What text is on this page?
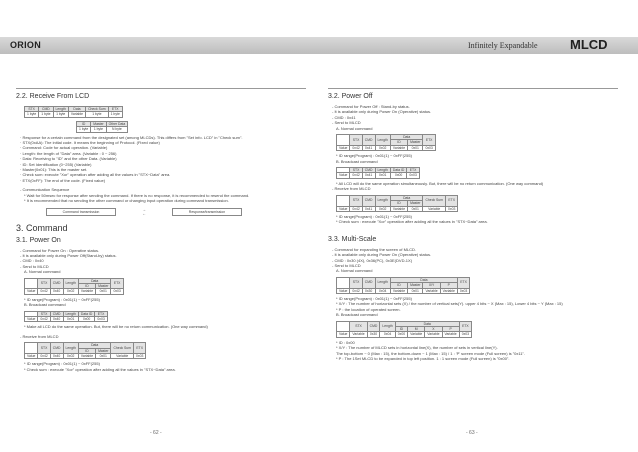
ORION	Infinitely Expandable MLCD
2.2. Receive From LCD
STX	CMD	Length	Data	Check Sum	ETX
1 byte	1 byte	1 byte	Variable	1 byte	1 byte
ID	Master	Other Data
1 byte	1 byte	N byte
· Response for a certain command from the designated set (among MLCDs). This differs from "Set info. LCD" in "Check sum".
· STX(0xAA): The initial code. It means the beginning of Protocol. (Fixed value)
· Command: Code for actual operation. (Variable)
· Length: the length of "Data" area. (Variable : 0 ~ 256)
· Data: Receiving to "ID" and the other Data. (Variable)
· ID: Set Identification (0~255) (Variable)
· Master(0x01): This is the master set.
· Check sum: execute "Xor" operation after adding all the values in "STX~Data" area.
· ETX(0xFF): The end of the code. (Fixed value)
- Communication Sequence
* Wait for 50msec for response after sending the command. If there is no response, it is recommended to resend the command.
* It is recommended that no sending the other command or changing input operation during command transmission.
Command transmission	→
←	Response/transmission
3. Command
3.1. Power On
- Command for Power On : Operative status.
- It is available only during Power Off(Stand-by) status.
- CMD : 0x40
- Send to MLCD
A. Normal command
	STX	CMD	Length	Data		ETX
				ID	Master	
Value	0x42	0x40	0x02	Variable	0x01	0x03
* ID range(Program) : 0x01(1) ~ 0xFF(255)
B. Broadcast command
	STX	CMD	Length	Data ID	ETX
Value	0x42	0x40	0x01	0x00	0x03
* Make all LCD do the same operation. But, there will be no return communication. (One way command)
- Receive from MLCD
	STX	CMD	Length	Data		Check Sum	ETX
				ID	Master		
Value	0x42	0x40	0x02	Variable	0x01	Variable	0x03
* ID range(Program) : 0x01(1) ~ 0xFF(255)
* Check sum : execute "Xor" operation after adding all the values in "STX~Data" area.
- 62 -
3.2. Power Off
- Command for Power Off : Stand-by status.
- It is available only during Power On (Operative) status.
- CMD : 0x41
- Send to MLCD
A. Normal command
	STX	CMD	Length	Data		ETX
				ID	Master	
Value	0x42	0x41	0x02	Variable	0x01	0x03
* ID range(Program) : 0x01(1) ~ 0xFF(255)
B. Broadcast command
	STX	CMD	Length	Data ID	ETX
Value	0x42	0x41	0x01	0x00	0x03
* All LCD will do the same operation simultaneously. But, there will be no return communication. (One way command)
- Receive from MLCD
	STX	CMD	Length	Data		Check Sum	ETX
				ID	Master		
Value	0x42	0x41	0x02	Variable	0x01	Variable	0x03
* ID range(Program) : 0x01(1) ~ 0xFF(255)
* Check sum : execute "Xor" operation after adding all the values in "STX~Data" area.
3.3. Multi-Scale
- Command for expanding the screen of MLCD.
- It is available only during Power On (Operative) status.
- CMD : 0x30 (4X), 0x36(PC), 0x3E(DVD-1X)
- Send to MLCD
A. Normal command
	STX	CMD	Length	Data				ETX
				ID	Master	X/Y	P	
Value	0x42	0x30	0x04	Variable	0x01	Variable	Variable	0x03
* ID range(Program) : 0x01(1) ~ 0xFF(255)
* X/Y : The number of horizontal sets (X) / the number of vertical sets(Y). upper 4 bits ~ X (Max : 15), Lower 4 bits ~ Y (Max : 15)
* P : the location of operated screen.
B. Broadcast command
	STX	CMD	Length	Data				ETX
				ID	M	X	P	
Value	Variable	0x30	0x04	0x00	Variable	Variable	Variable	0x03
* ID : 0x00
* X/Y : The number of MLCD sets in horizontal line(X), the number of sets in vertical line(Y).
The top-bottom ~ 0 (Max : 15), the bottom-down ~ 1 (Max : 15) / 1 : 'P' screen mode (Full screen) is "0x11".
* P : The 1Set MLCD to be expanded in top left position. 1 : 1 screen mode (Full screen) is "0x00".
- 63 -
